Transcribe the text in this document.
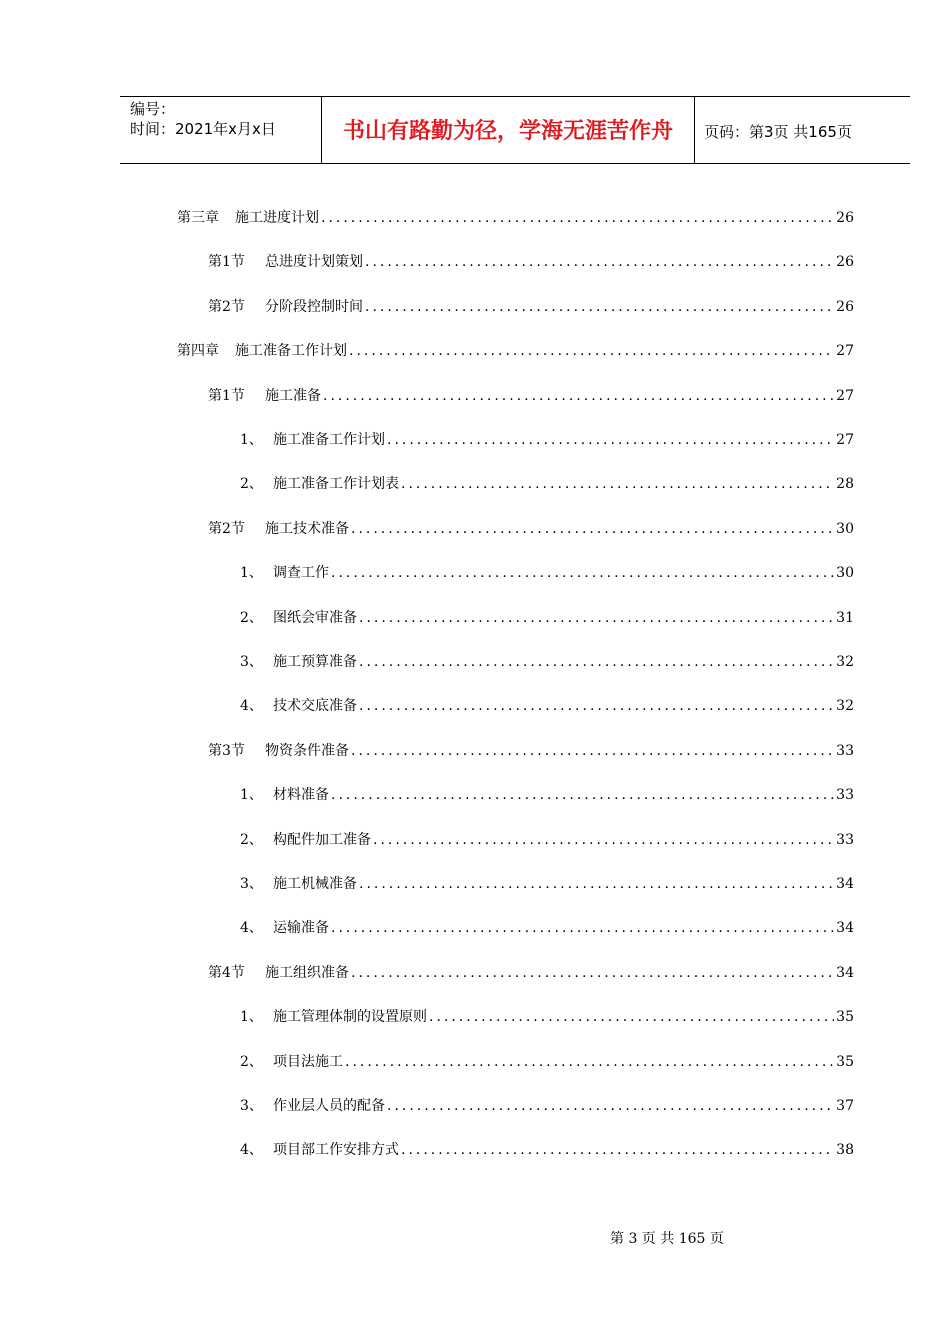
编号：
时间：2021年x月x日	书山有路勤为径，学海无涯苦作舟	页码：第3页 共165页
第三章	施工进度计划 .....	26
第1节	总进度计划策划 .....	26
第2节	分阶段控制时间 .....	26
第四章	施工准备工作计划 .....	27
第1节	施工准备 .....	27
1、 施工准备工作计划 .....	27
2、 施工准备工作计划表 .....	28
第2节	施工技术准备 .....	30
1、 调查工作 .....	30
2、 图纸会审准备 .....	31
3、 施工预算准备 .....	32
4、 技术交底准备 .....	32
第3节	物资条件准备 .....	33
1、 材料准备 .....	33
2、 构配件加工准备 .....	33
3、 施工机械准备 .....	34
4、 运输准备 .....	34
第4节	施工组织准备 .....	34
1、 施工管理体制的设置原则 .....	35
2、 项目法施工 .....	35
3、 作业层人员的配备 .....	37
4、 项目部工作安排方式 .....	38
第 3 页 共 165 页
